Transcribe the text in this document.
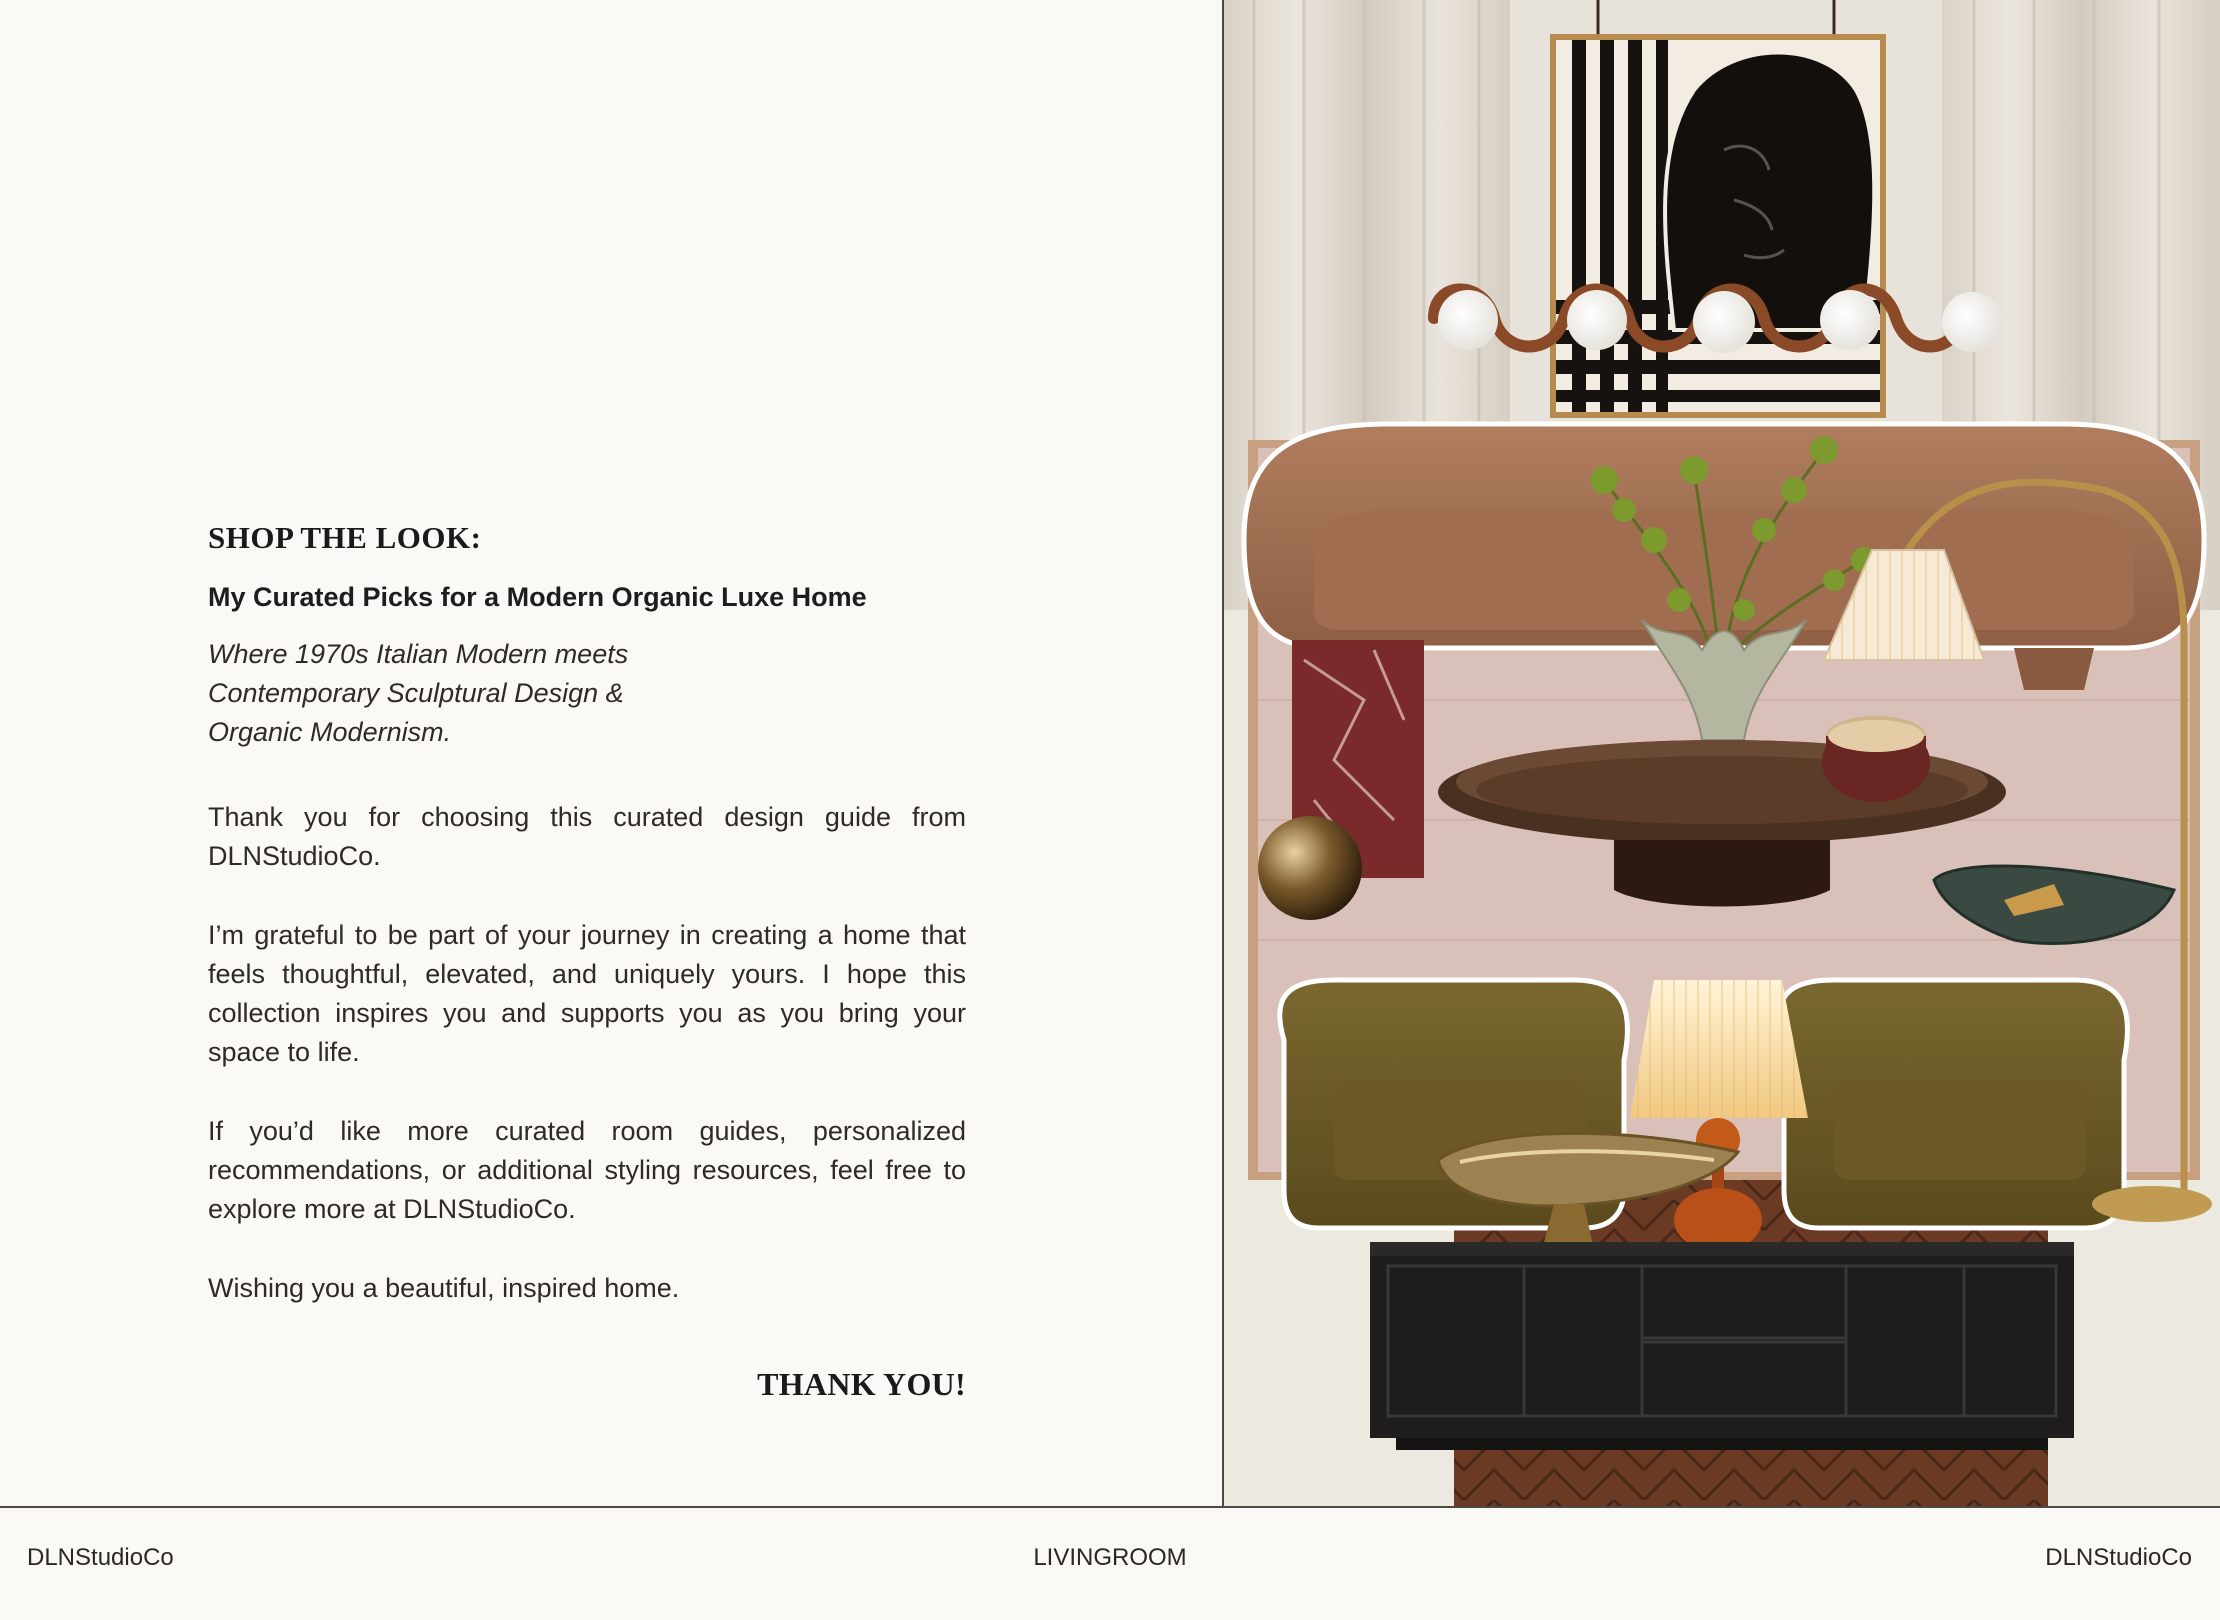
SHOP THE LOOK:
My Curated Picks for a Modern Organic Luxe Home
Where 1970s Italian Modern meets
Contemporary Sculptural Design &
Organic Modernism.

Thank you for choosing this curated design guide from DLNStudioCo.

I’m grateful to be part of your journey in creating a home that feels thoughtful, elevated, and uniquely yours. I hope this collection inspires you and supports you as you bring your space to life.

If you’d like more curated room guides, personalized recommendations, or additional styling resources, feel free to explore more at DLNStudioCo.

Wishing you a beautiful, inspired home.

THANK YOU!
DLNStudioCo	LIVINGROOM	DLNStudioCo
